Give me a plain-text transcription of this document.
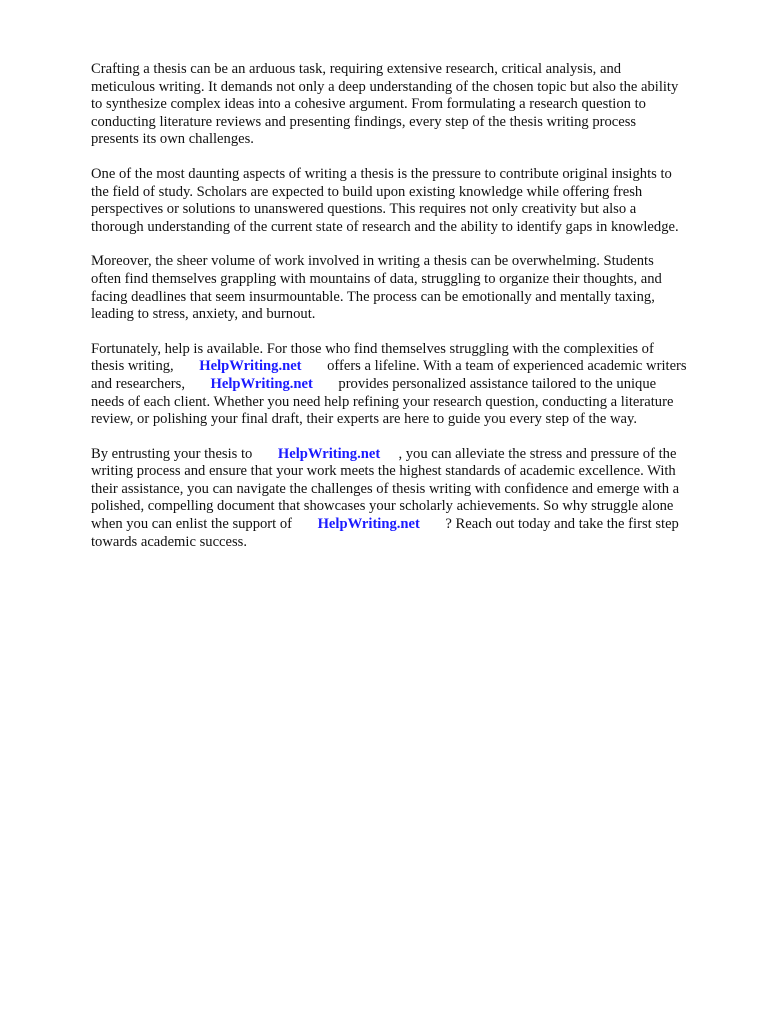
Crafting a thesis can be an arduous task, requiring extensive research, critical analysis, and
meticulous writing. It demands not only a deep understanding of the chosen topic but also the ability
to synthesize complex ideas into a cohesive argument. From formulating a research question to
conducting literature reviews and presenting findings, every step of the thesis writing process
presents its own challenges.

One of the most daunting aspects of writing a thesis is the pressure to contribute original insights to
the field of study. Scholars are expected to build upon existing knowledge while offering fresh
perspectives or solutions to unanswered questions. This requires not only creativity but also a
thorough understanding of the current state of research and the ability to identify gaps in knowledge.

Moreover, the sheer volume of work involved in writing a thesis can be overwhelming. Students
often find themselves grappling with mountains of data, struggling to organize their thoughts, and
facing deadlines that seem insurmountable. The process can be emotionally and mentally taxing,
leading to stress, anxiety, and burnout.

Fortunately, help is available. For those who find themselves struggling with the complexities of
thesis writing, HelpWriting.net offers a lifeline. With a team of experienced academic writers
and researchers, HelpWriting.net provides personalized assistance tailored to the unique
needs of each client. Whether you need help refining your research question, conducting a literature
review, or polishing your final draft, their experts are here to guide you every step of the way.

By entrusting your thesis to HelpWriting.net , you can alleviate the stress and pressure of the
writing process and ensure that your work meets the highest standards of academic excellence. With
their assistance, you can navigate the challenges of thesis writing with confidence and emerge with a
polished, compelling document that showcases your scholarly achievements. So why struggle alone
when you can enlist the support of HelpWriting.net ? Reach out today and take the first step
towards academic success.
